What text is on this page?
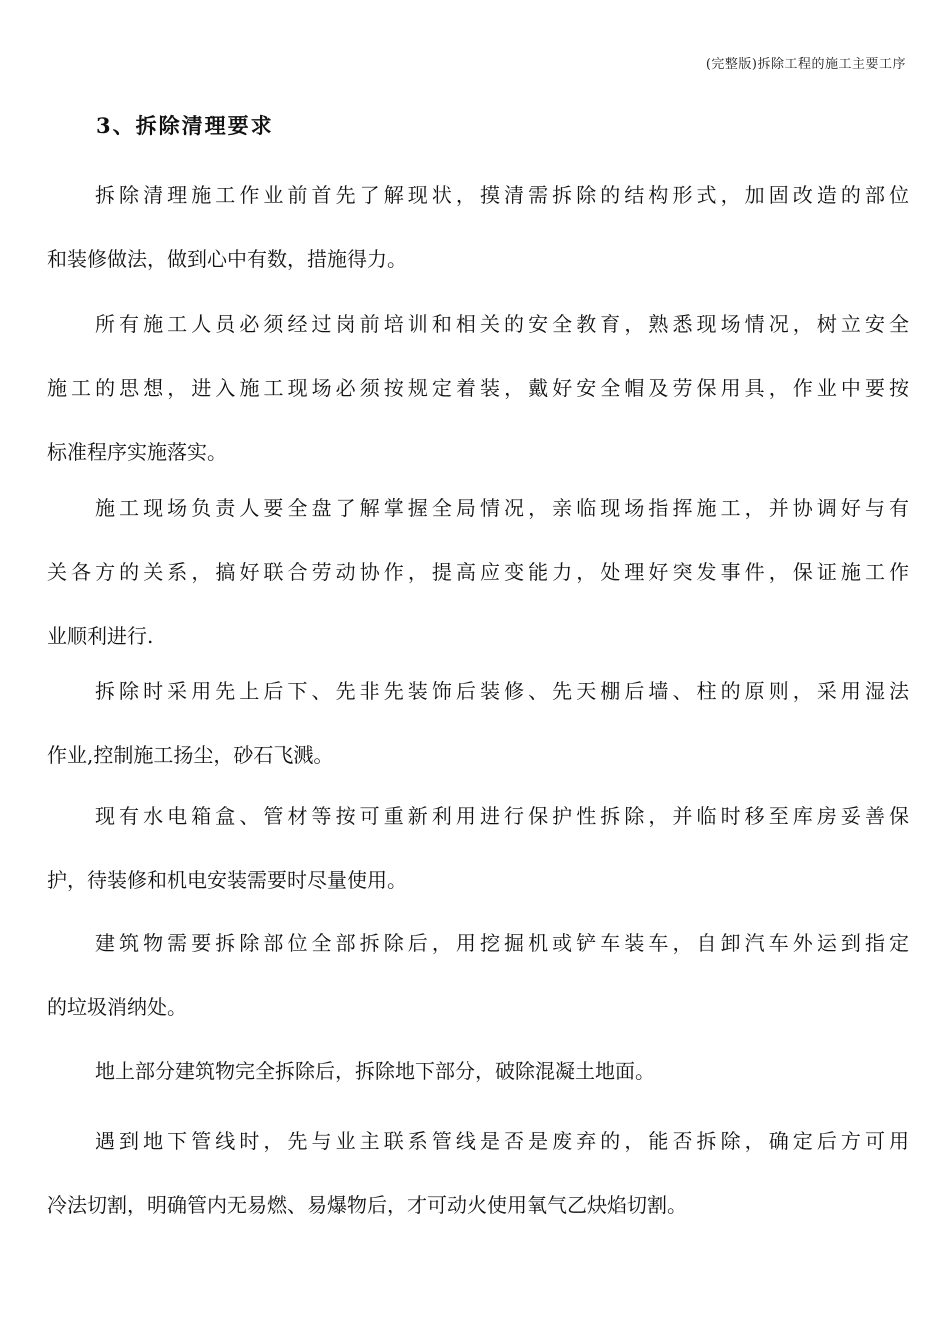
(完整版)拆除工程的施工主要工序
3、拆除清理要求
拆除清理施工作业前首先了解现状，摸清需拆除的结构形式，加固改造的部位
和装修做法，做到心中有数，措施得力。
所有施工人员必须经过岗前培训和相关的安全教育，熟悉现场情况，树立安全
施工的思想，进入施工现场必须按规定着装，戴好安全帽及劳保用具，作业中要按
标准程序实施落实。
施工现场负责人要全盘了解掌握全局情况，亲临现场指挥施工，并协调好与有
关各方的关系，搞好联合劳动协作，提高应变能力，处理好突发事件，保证施工作
业顺利进行.
拆除时采用先上后下、先非先装饰后装修、先天棚后墙、柱的原则，采用湿法
作业,控制施工扬尘，砂石飞溅。
现有水电箱盒、管材等按可重新利用进行保护性拆除，并临时移至库房妥善保
护，待装修和机电安装需要时尽量使用。
建筑物需要拆除部位全部拆除后，用挖掘机或铲车装车，自卸汽车外运到指定
的垃圾消纳处。
地上部分建筑物完全拆除后，拆除地下部分，破除混凝土地面。
遇到地下管线时，先与业主联系管线是否是废弃的，能否拆除，确定后方可用
冷法切割，明确管内无易燃、易爆物后，才可动火使用氧气乙炔焰切割。
